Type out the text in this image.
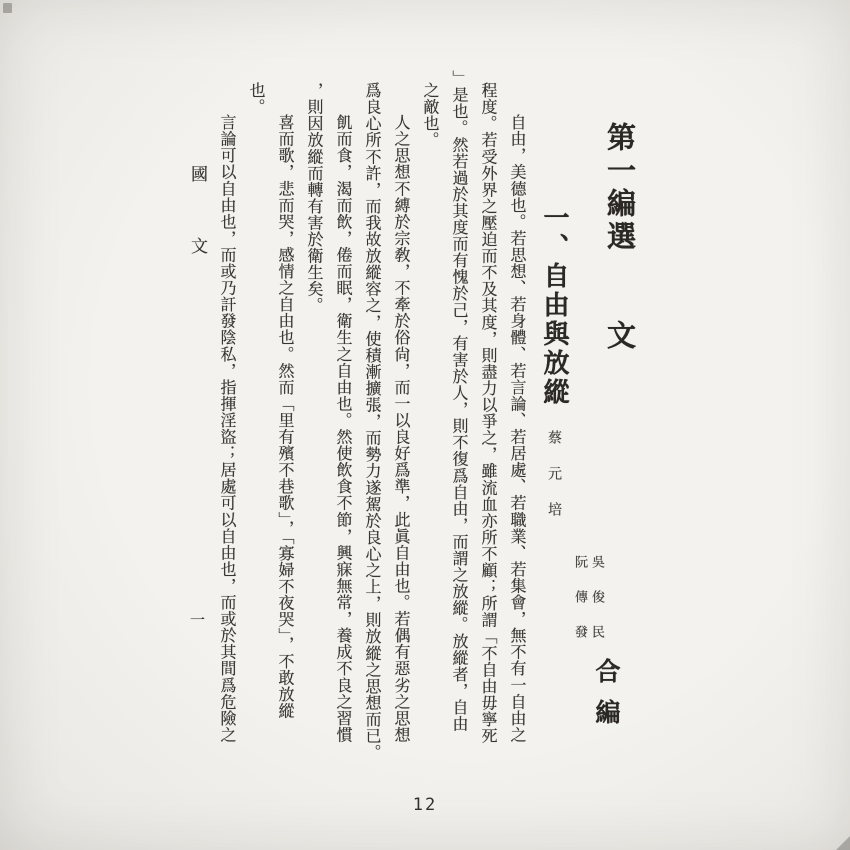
第一編選　　文
吳俊民
阮傳發
合編
一、自由與放縱
蔡元培
自由，美德也。若思想、若身體、若言論、若居處、若職業、若集會，無不有一自由之
程度。若受外界之壓迫而不及其度，則盡力以爭之，雖流血亦所不顧；所謂「不自由毋寧死
」是也。然若過於其度而有愧於己，有害於人，則不復爲自由，而謂之放縱。放縱者，自由
之敵也。
人之思想不縛於宗敎，不牽於俗尙，而一以良好爲準，此眞自由也。若偶有惡劣之思想
爲良心所不許，而我故放縱容之，使積漸擴張，而勢力遂駕於良心之上，則放縱之思想而已。
飢而食，渴而飲，倦而眠，衛生之自由也。然使飲食不節，興寐無常，養成不良之習慣
，則因放縱而轉有害於衛生矣。
喜而歌，悲而哭，感情之自由也。然而「里有殯不巷歌」，「寡婦不夜哭」，不敢放縱
也。
言論可以自由也，而或乃訐發陰私，指揮淫盜；居處可以自由也，而或於其間爲危險之
國文
一
12
